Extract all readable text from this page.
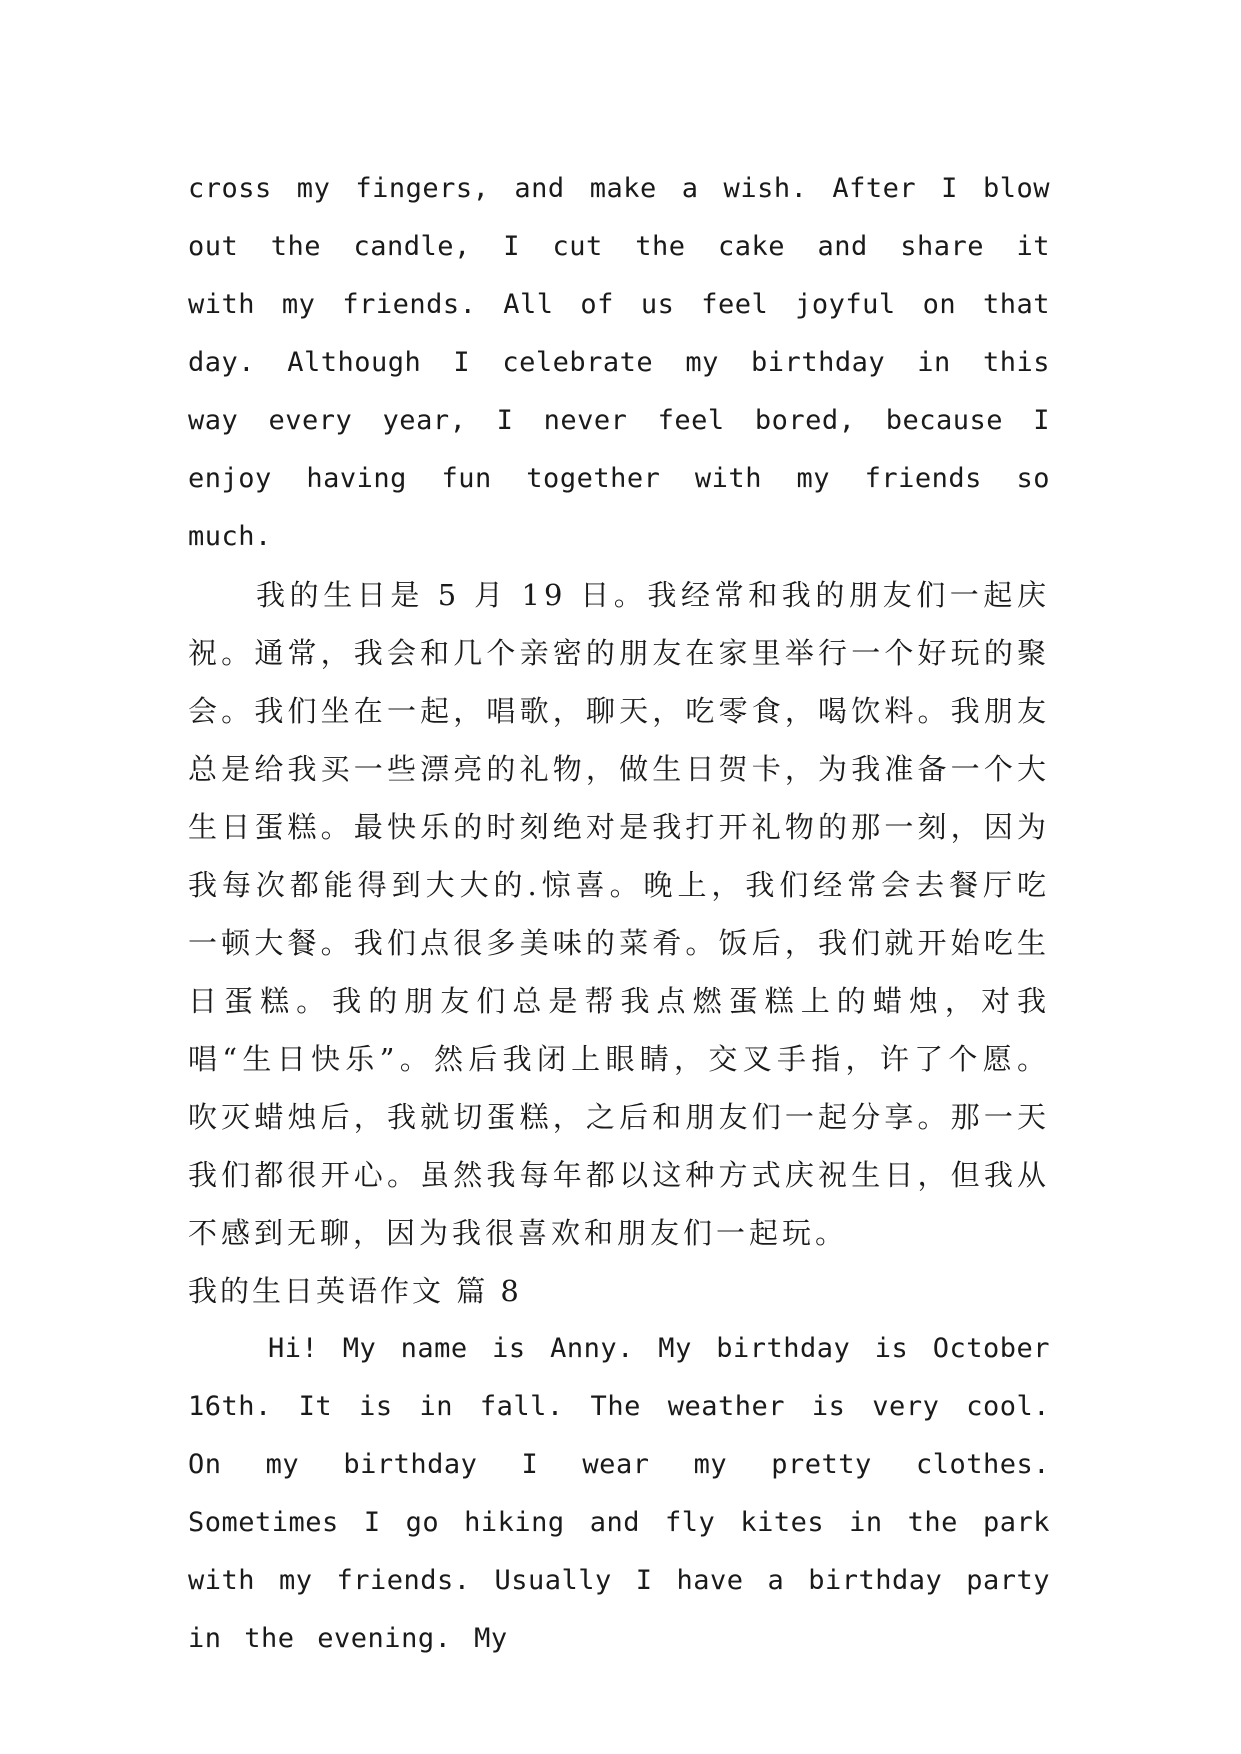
cross my fingers, and make a wish. After I blow out the candle, I cut the cake and share it with my friends. All of us feel joyful on that day. Although I celebrate my birthday in this way every year, I never feel bored, because I enjoy having fun together with my friends so much.

我的生日是 5 月 19 日。我经常和我的朋友们一起庆祝。通常，我会和几个亲密的朋友在家里举行一个好玩的聚会。我们坐在一起，唱歌，聊天，吃零食，喝饮料。我朋友总是给我买一些漂亮的礼物，做生日贺卡，为我准备一个大生日蛋糕。最快乐的时刻绝对是我打开礼物的那一刻，因为我每次都能得到大大的.惊喜。晚上，我们经常会去餐厅吃一顿大餐。我们点很多美味的菜肴。饭后，我们就开始吃生日蛋糕。我的朋友们总是帮我点燃蛋糕上的蜡烛，对我唱“生日快乐”。然后我闭上眼睛，交叉手指，许了个愿。吹灭蜡烛后，我就切蛋糕，之后和朋友们一起分享。那一天我们都很开心。虽然我每年都以这种方式庆祝生日，但我从不感到无聊，因为我很喜欢和朋友们一起玩。

我的生日英语作文 篇 8

Hi! My name is Anny. My birthday is October 16th. It is in fall. The weather is very cool. On my birthday I wear my pretty clothes. Sometimes I go hiking and fly kites in the park with my friends. Usually I have a birthday party in the evening. My
